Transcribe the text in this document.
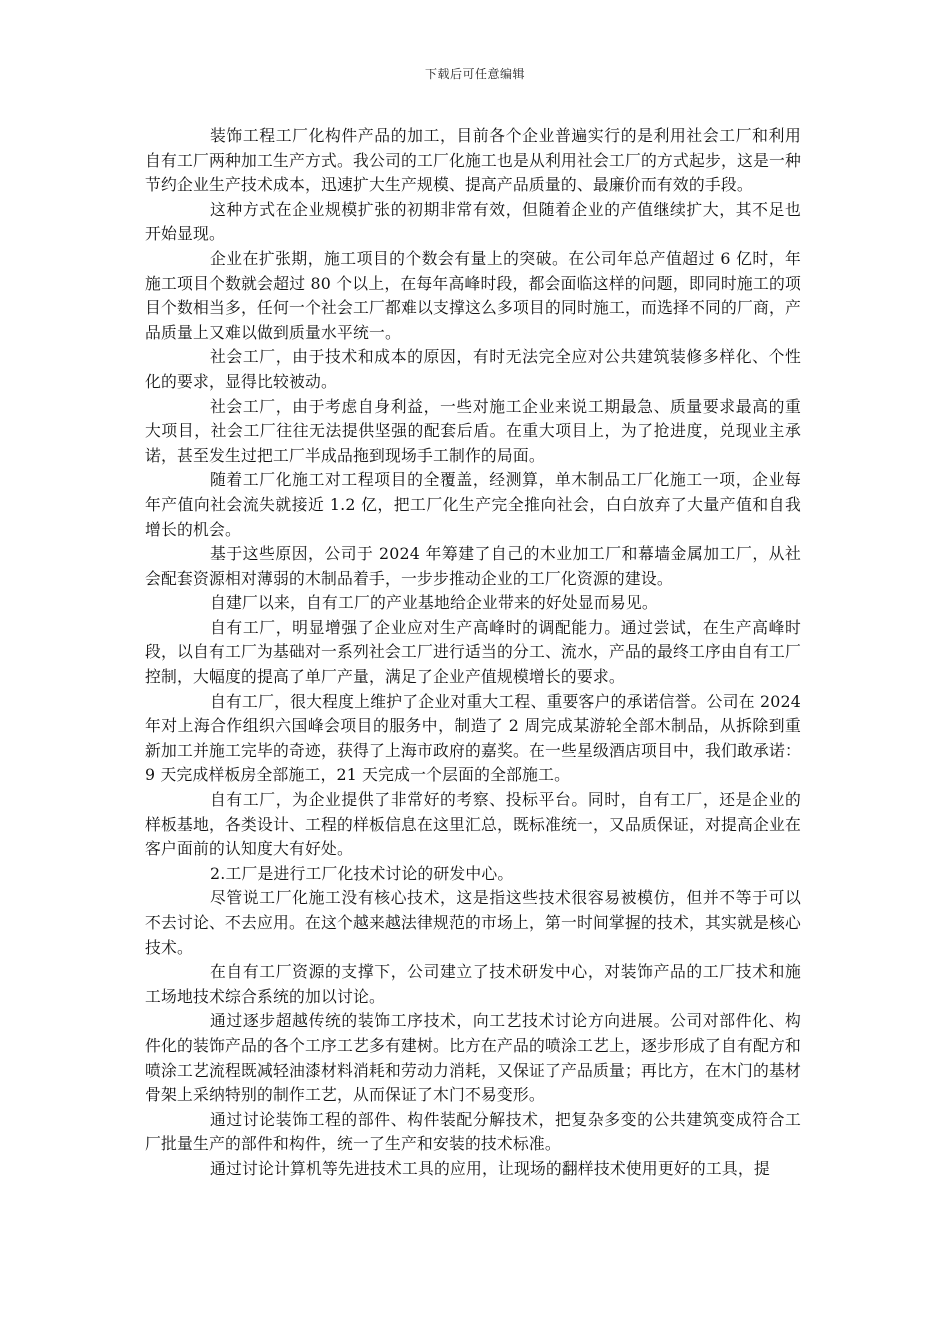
下载后可任意编辑

装饰工程工厂化构件产品的加工，目前各个企业普遍实行的是利用社会工厂和利用自有工厂两种加工生产方式。我公司的工厂化施工也是从利用社会工厂的方式起步，这是一种节约企业生产技术成本，迅速扩大生产规模、提高产品质量的、最廉价而有效的手段。

这种方式在企业规模扩张的初期非常有效，但随着企业的产值继续扩大，其不足也开始显现。

企业在扩张期，施工项目的个数会有量上的突破。在公司年总产值超过 6 亿时，年施工项目个数就会超过 80 个以上，在每年高峰时段，都会面临这样的问题，即同时施工的项目个数相当多，任何一个社会工厂都难以支撑这么多项目的同时施工，而选择不同的厂商，产品质量上又难以做到质量水平统一。

社会工厂，由于技术和成本的原因，有时无法完全应对公共建筑装修多样化、个性化的要求，显得比较被动。

社会工厂，由于考虑自身利益，一些对施工企业来说工期最急、质量要求最高的重大项目，社会工厂往往无法提供坚强的配套后盾。在重大项目上，为了抢进度，兑现业主承诺，甚至发生过把工厂半成品拖到现场手工制作的局面。

随着工厂化施工对工程项目的全覆盖，经测算，单木制品工厂化施工一项，企业每年产值向社会流失就接近 1.2 亿，把工厂化生产完全推向社会，白白放弃了大量产值和自我增长的机会。

基于这些原因，公司于 2024 年筹建了自己的木业加工厂和幕墙金属加工厂，从社会配套资源相对薄弱的木制品着手，一步步推动企业的工厂化资源的建设。

自建厂以来，自有工厂的产业基地给企业带来的好处显而易见。

自有工厂，明显增强了企业应对生产高峰时的调配能力。通过尝试，在生产高峰时段，以自有工厂为基础对一系列社会工厂进行适当的分工、流水，产品的最终工序由自有工厂控制，大幅度的提高了单厂产量，满足了企业产值规模增长的要求。

自有工厂，很大程度上维护了企业对重大工程、重要客户的承诺信誉。公司在 2024 年对上海合作组织六国峰会项目的服务中，制造了 2 周完成某游轮全部木制品，从拆除到重新加工并施工完毕的奇迹，获得了上海市政府的嘉奖。在一些星级酒店项目中，我们敢承诺：9 天完成样板房全部施工，21 天完成一个层面的全部施工。

自有工厂，为企业提供了非常好的考察、投标平台。同时，自有工厂，还是企业的样板基地，各类设计、工程的样板信息在这里汇总，既标准统一，又品质保证，对提高企业在客户面前的认知度大有好处。

2.工厂是进行工厂化技术讨论的研发中心。

尽管说工厂化施工没有核心技术，这是指这些技术很容易被模仿，但并不等于可以不去讨论、不去应用。在这个越来越法律规范的市场上，第一时间掌握的技术，其实就是核心技术。

在自有工厂资源的支撑下，公司建立了技术研发中心，对装饰产品的工厂技术和施工场地技术综合系统的加以讨论。

通过逐步超越传统的装饰工序技术，向工艺技术讨论方向进展。公司对部件化、构件化的装饰产品的各个工序工艺多有建树。比方在产品的喷涂工艺上，逐步形成了自有配方和喷涂工艺流程既减轻油漆材料消耗和劳动力消耗，又保证了产品质量；再比方，在木门的基材骨架上采纳特别的制作工艺，从而保证了木门不易变形。

通过讨论装饰工程的部件、构件装配分解技术，把复杂多变的公共建筑变成符合工厂批量生产的部件和构件，统一了生产和安装的技术标准。

通过讨论计算机等先进技术工具的应用，让现场的翻样技术使用更好的工具，提
